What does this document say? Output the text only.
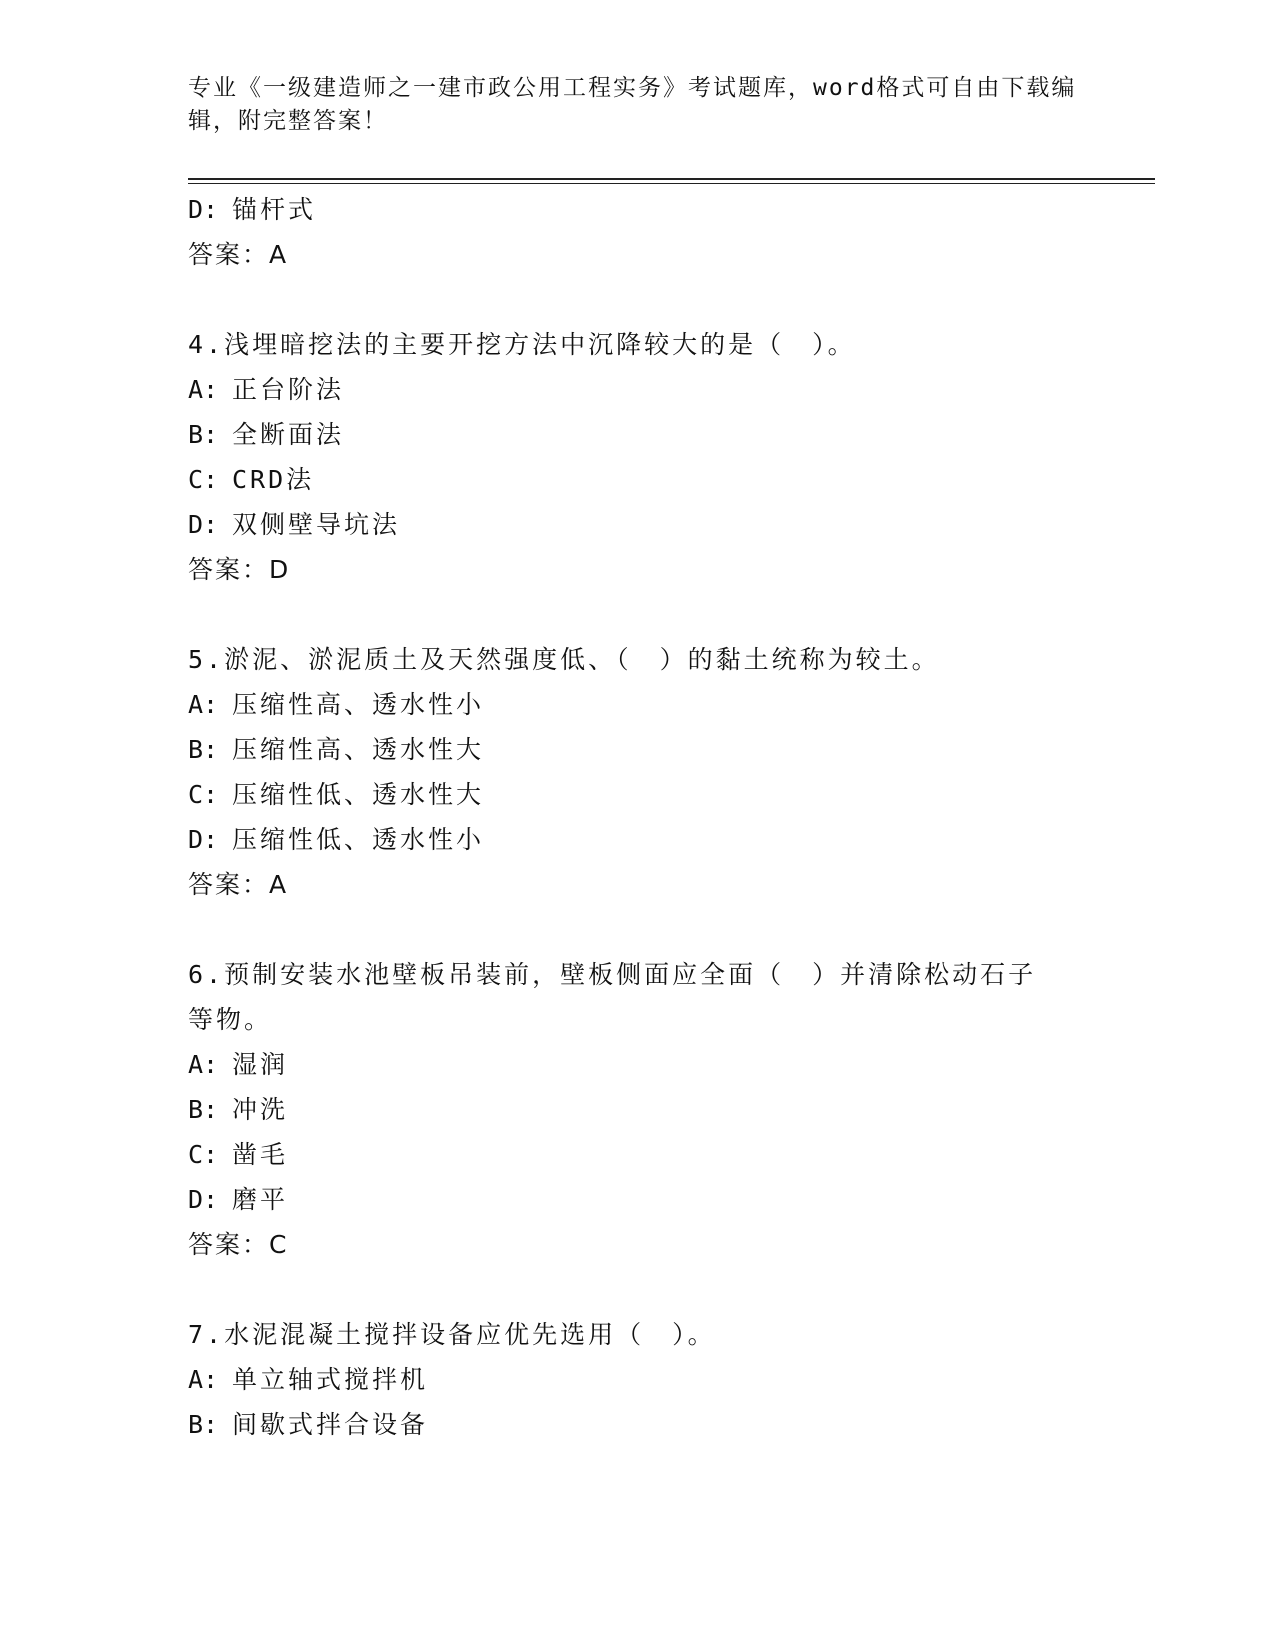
专业《一级建造师之一建市政公用工程实务》考试题库，word格式可自由下载编
辑，附完整答案！
D: 锚杆式
答案：A
4.浅埋暗挖法的主要开挖方法中沉降较大的是（　）。
A: 正台阶法
B: 全断面法
C: CRD法
D: 双侧壁导坑法
答案：D
5.淤泥、淤泥质土及天然强度低、（　）的黏土统称为较土。
A: 压缩性高、透水性小
B: 压缩性高、透水性大
C: 压缩性低、透水性大
D: 压缩性低、透水性小
答案：A
6.预制安装水池壁板吊装前，壁板侧面应全面（　）并清除松动石子
等物。
A: 湿润
B: 冲洗
C: 凿毛
D: 磨平
答案：C
7.水泥混凝土搅拌设备应优先选用（　）。
A: 单立轴式搅拌机
B: 间歇式拌合设备
